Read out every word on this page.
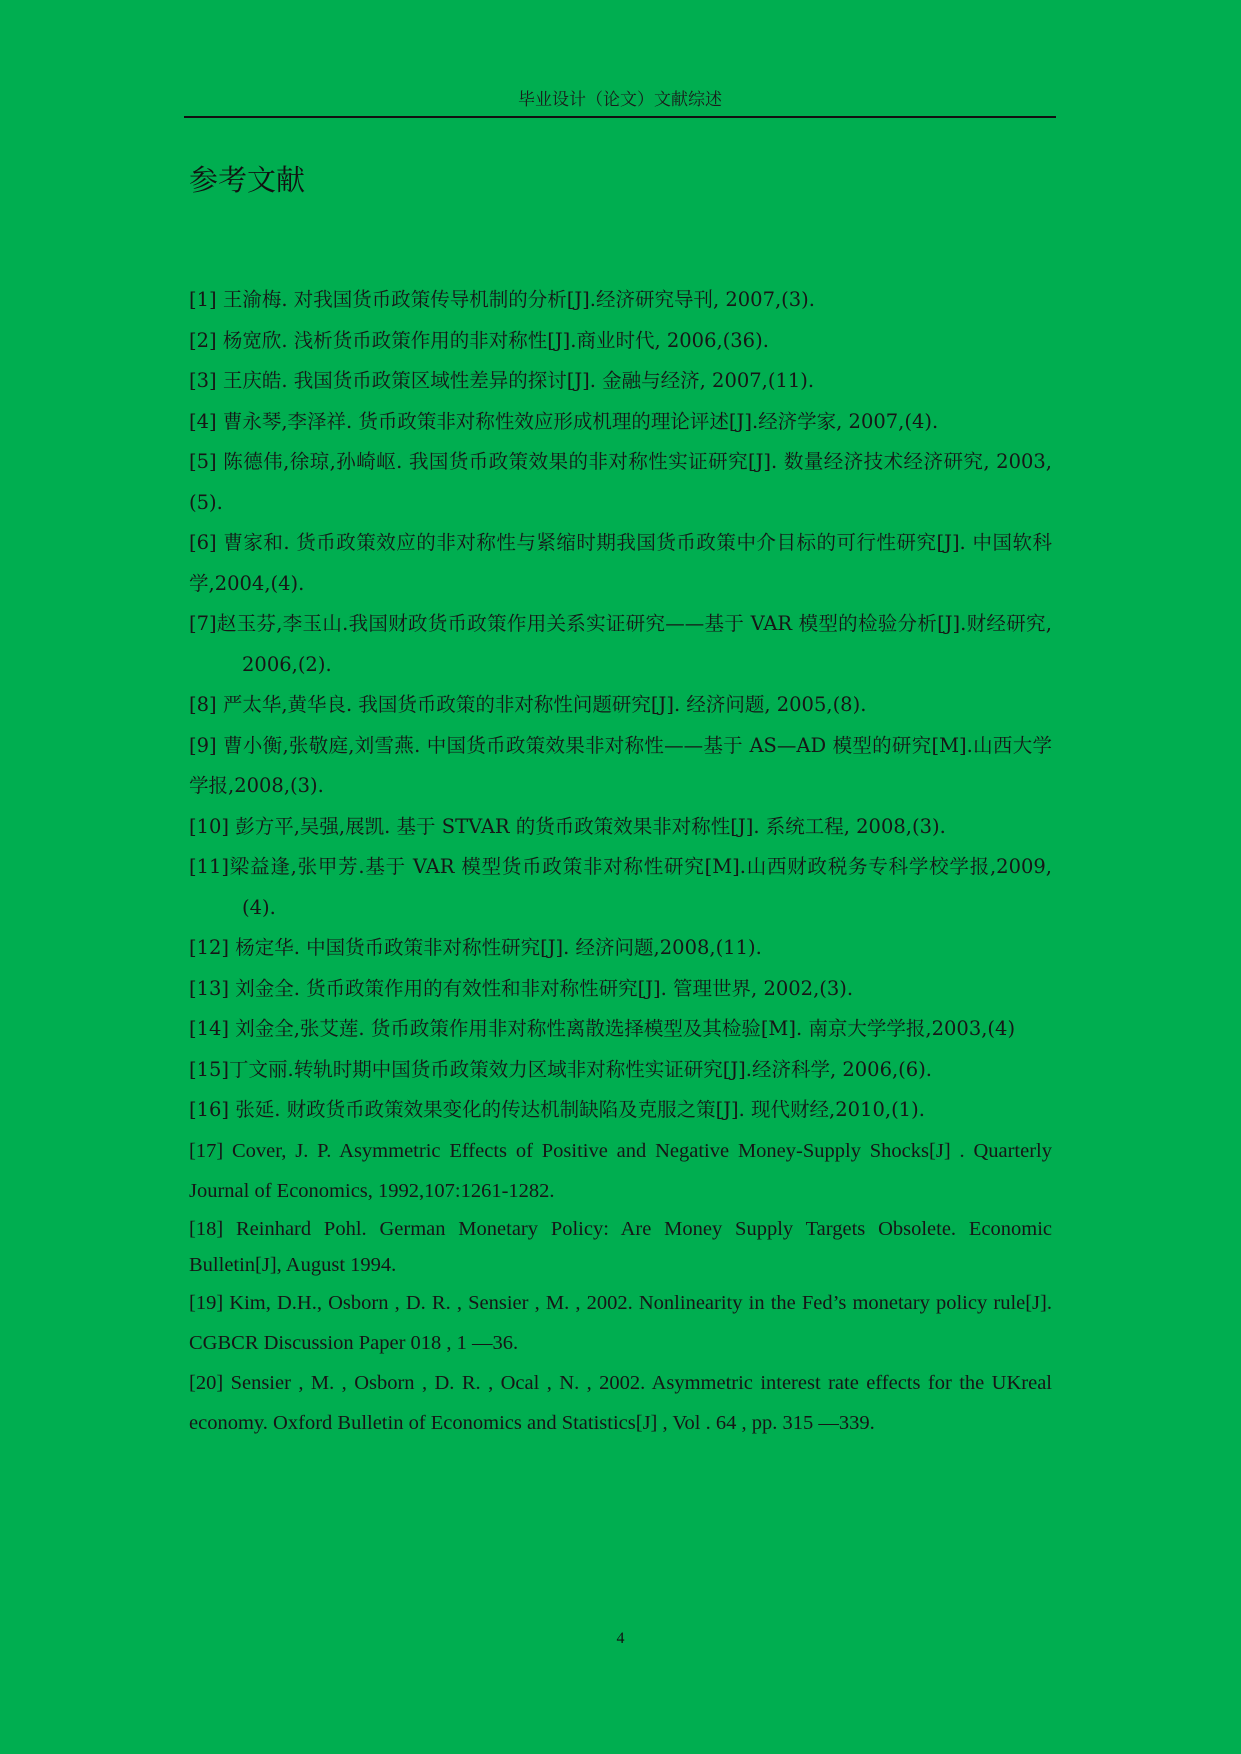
毕业设计（论文）文献综述
参考文献

[1] 王渝梅. 对我国货币政策传导机制的分析[J].经济研究导刊, 2007,(3).

[2] 杨宽欣. 浅析货币政策作用的非对称性[J].商业时代, 2006,(36).

[3] 王庆皓. 我国货币政策区域性差异的探讨[J]. 金融与经济, 2007,(11).

[4] 曹永琴,李泽祥. 货币政策非对称性效应形成机理的理论评述[J].经济学家, 2007,(4).

[5] 陈德伟,徐琼,孙崎岖. 我国货币政策效果的非对称性实证研究[J]. 数量经济技术经济研究, 2003,(5).

[6] 曹家和. 货币政策效应的非对称性与紧缩时期我国货币政策中介目标的可行性研究[J]. 中国软科学,2004,(4).

[7]赵玉芬,李玉山.我国财政货币政策作用关系实证研究——基于 VAR 模型的检验分析[J].财经研究, 2006,(2).

[8] 严太华,黄华良. 我国货币政策的非对称性问题研究[J]. 经济问题, 2005,(8).

[9] 曹小衡,张敬庭,刘雪燕. 中国货币政策效果非对称性——基于 AS—AD 模型的研究[M].山西大学学报,2008,(3).

[10] 彭方平,吴强,展凯. 基于 STVAR 的货币政策效果非对称性[J]. 系统工程, 2008,(3).

[11]梁益逢,张甲芳.基于 VAR 模型货币政策非对称性研究[M].山西财政税务专科学校学报,2009,(4).

[12] 杨定华. 中国货币政策非对称性研究[J]. 经济问题,2008,(11).

[13] 刘金全. 货币政策作用的有效性和非对称性研究[J]. 管理世界, 2002,(3).

[14] 刘金全,张艾莲. 货币政策作用非对称性离散选择模型及其检验[M]. 南京大学学报,2003,(4)

[15]丁文丽.转轨时期中国货币政策效力区域非对称性实证研究[J].经济科学, 2006,(6).

[16] 张延. 财政货币政策效果变化的传达机制缺陷及克服之策[J]. 现代财经,2010,(1).

[17] Cover, J. P. Asymmetric Effects of Positive and Negative Money-Supply Shocks[J] . Quarterly Journal of Economics, 1992,107:1261-1282.

[18] Reinhard Pohl. German Monetary Policy: Are Money Supply Targets Obsolete. Economic Bulletin[J], August 1994.

[19] Kim, D.H., Osborn , D. R. , Sensier , M. , 2002. Nonlinearity in the Fed’s monetary policy rule[J]. CGBCR Discussion Paper 018 , 1 —36.

[20] Sensier , M. , Osborn , D. R. , Ocal , N. , 2002. Asymmetric interest rate effects for the UKreal economy. Oxford Bulletin of Economics and Statistics[J] , Vol . 64 , pp. 315 —339.

4
